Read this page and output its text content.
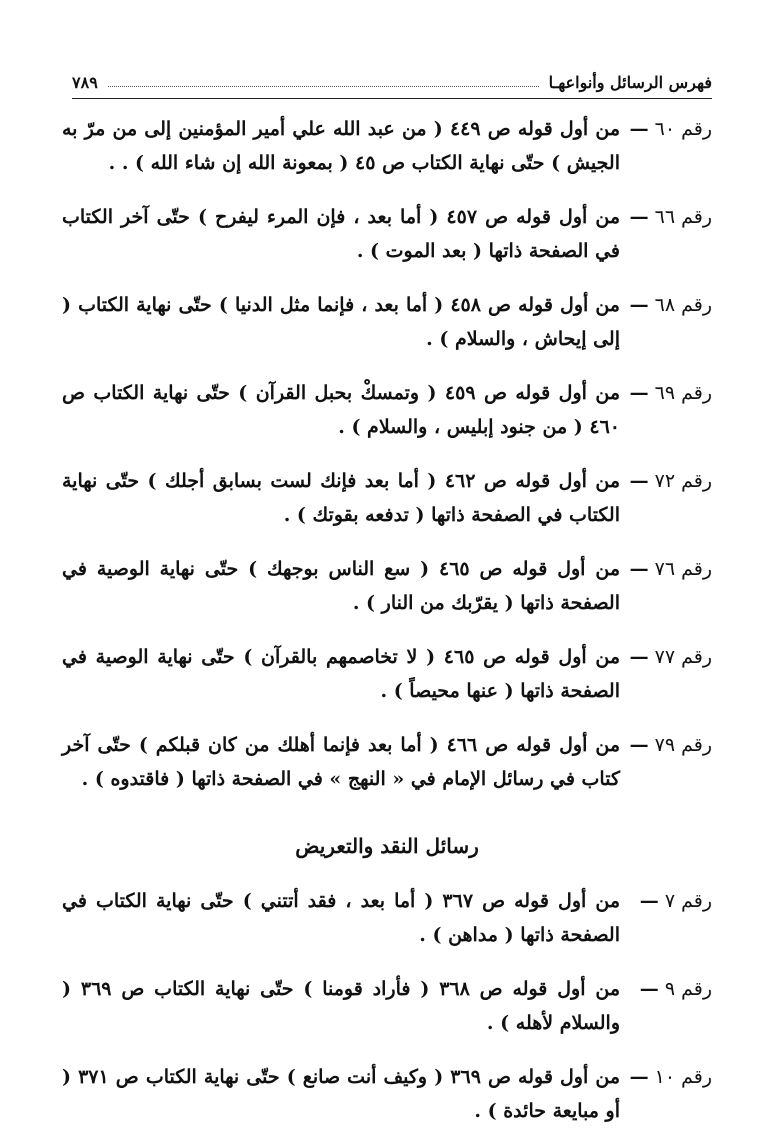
فهرس الرسائل وأنواعهـا
٧٨٩
رقم ٦٠ —
من أول قوله ص ٤٤٩ ( من عبد الله علي أمير المؤمنين إلى من مرّ به الجيش ) حتّى نهاية الكتاب ص ٤٥ ( بمعونة الله إن شاء الله ) . .
رقم ٦٦ —
من أول قوله ص ٤٥٧ ( أما بعد ، فإن المرء ليفرح ) حتّى آخر الكتاب في الصفحة ذاتها ( بعد الموت ) .
رقم ٦٨ —
من أول قوله ص ٤٥٨ ( أما بعد ، فإنما مثل الدنيا ) حتّى نهاية الكتاب ( إلى إيحاش ، والسلام ) .
رقم ٦٩ —
من أول قوله ص ٤٥٩ ( وتمسكْ بحبل القرآن ) حتّى نهاية الكتاب ص ٤٦٠ ( من جنود إبليس ، والسلام ) .
رقم ٧٢ —
من أول قوله ص ٤٦٢ ( أما بعد فإنك لست بسابق أجلك ) حتّى نهاية الكتاب في الصفحة ذاتها ( تدفعه بقوتك ) .
رقم ٧٦ —
من أول قوله ص ٤٦٥ ( سع الناس بوجهك ) حتّى نهاية الوصية في الصفحة ذاتها ( يقرّبك من النار ) .
رقم ٧٧ —
من أول قوله ص ٤٦٥ ( لا تخاصمهم بالقرآن ) حتّى نهاية الوصية في الصفحة ذاتها ( عنها محيصاً ) .
رقم ٧٩ —
من أول قوله ص ٤٦٦ ( أما بعد فإنما أهلك من كان قبلكم ) حتّى آخر كتاب في رسائل الإمام في « النهج » في الصفحة ذاتها ( فاقتدوه ) .
رسائل النقد والتعريض
رقم ٧ —
من أول قوله ص ٣٦٧ ( أما بعد ، فقد أتتني ) حتّى نهاية الكتاب في الصفحة ذاتها ( مداهن ) .
رقم ٩ —
من أول قوله ص ٣٦٨ ( فأراد قومنا ) حتّى نهاية الكتاب ص ٣٦٩ ( والسلام لأهله ) .
رقم ١٠ —
من أول قوله ص ٣٦٩ ( وكيف أنت صانع ) حتّى نهاية الكتاب ص ٣٧١ ( أو مبايعة حائدة ) .
